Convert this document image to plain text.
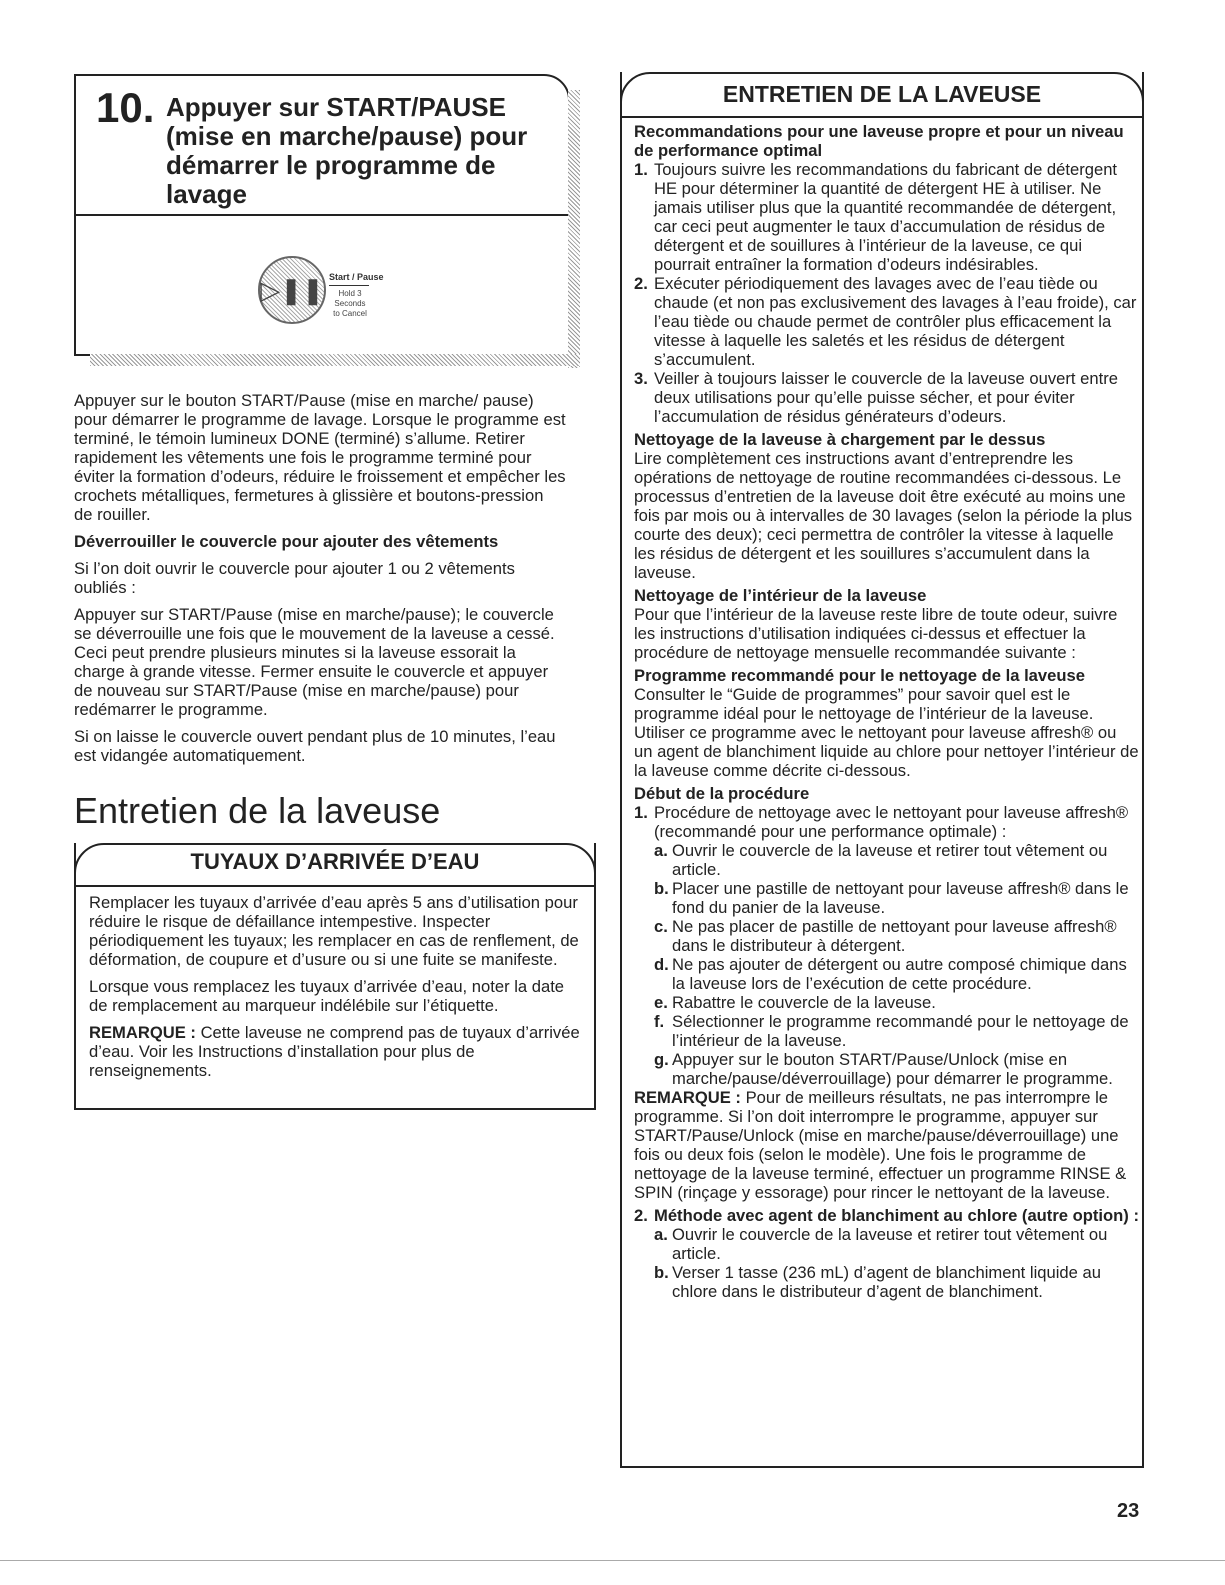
10. Appuyer sur START/PAUSE (mise en marche/pause) pour démarrer le programme de lavage
▷❚❚ Start / Pause
Hold 3 Seconds to Cancel

Appuyer sur le bouton START/Pause (mise en marche/ pause) pour démarrer le programme de lavage. Lorsque le programme est terminé, le témoin lumineux DONE (terminé) s’allume. Retirer rapidement les vêtements une fois le programme terminé pour éviter la formation d’odeurs, réduire le froissement et empêcher les crochets métalliques, fermetures à glissière et boutons-pression de rouiller.

Déverrouiller le couvercle pour ajouter des vêtements

Si l’on doit ouvrir le couvercle pour ajouter 1 ou 2 vêtements oubliés :

Appuyer sur START/Pause (mise en marche/pause); le couvercle se déverrouille une fois que le mouvement de la laveuse a cessé. Ceci peut prendre plusieurs minutes si la laveuse essorait la charge à grande vitesse. Fermer ensuite le couvercle et appuyer de nouveau sur START/Pause (mise en marche/pause) pour redémarrer le programme.

Si on laisse le couvercle ouvert pendant plus de 10 minutes, l’eau est vidangée automatiquement.

Entretien de la laveuse
TUYAUX D’ARRIVÉE D’EAU

Remplacer les tuyaux d’arrivée d’eau après 5 ans d’utilisation pour réduire le risque de défaillance intempestive. Inspecter périodiquement les tuyaux; les remplacer en cas de renflement, de déformation, de coupure et d’usure ou si une fuite se manifeste.

Lorsque vous remplacez les tuyaux d’arrivée d’eau, noter la date de remplacement au marqueur indélébile sur l’étiquette.

REMARQUE : Cette laveuse ne comprend pas de tuyaux d’arrivée d’eau. Voir les Instructions d’installation pour plus de renseignements.

ENTRETIEN DE LA LAVEUSE
Recommandations pour une laveuse propre et pour un niveau de performance optimal
1. Toujours suivre les recommandations du fabricant de détergent HE pour déterminer la quantité de détergent HE à utiliser. Ne jamais utiliser plus que la quantité recommandée de détergent, car ceci peut augmenter le taux d’accumulation de résidus de détergent et de souillures à l’intérieur de la laveuse, ce qui pourrait entraîner la formation d’odeurs indésirables.
2. Exécuter périodiquement des lavages avec de l’eau tiède ou chaude (et non pas exclusivement des lavages à l’eau froide), car l’eau tiède ou chaude permet de contrôler plus efficacement la vitesse à laquelle les saletés et les résidus de détergent s’accumulent.
3. Veiller à toujours laisser le couvercle de la laveuse ouvert entre deux utilisations pour qu’elle puisse sécher, et pour éviter l’accumulation de résidus générateurs d’odeurs.
Nettoyage de la laveuse à chargement par le dessus

Lire complètement ces instructions avant d’entreprendre les opérations de nettoyage de routine recommandées ci-dessous. Le processus d’entretien de la laveuse doit être exécuté au moins une fois par mois ou à intervalles de 30 lavages (selon la période la plus courte des deux); ceci permettra de contrôler la vitesse à laquelle les résidus de détergent et les souillures s’accumulent dans la laveuse.

Nettoyage de l’intérieur de la laveuse

Pour que l’intérieur de la laveuse reste libre de toute odeur, suivre les instructions d’utilisation indiquées ci-dessus et effectuer la procédure de nettoyage mensuelle recommandée suivante :

Programme recommandé pour le nettoyage de la laveuse

Consulter le “Guide de programmes” pour savoir quel est le programme idéal pour le nettoyage de l’intérieur de la laveuse. Utiliser ce programme avec le nettoyant pour laveuse affresh® ou un agent de blanchiment liquide au chlore pour nettoyer l’intérieur de la laveuse comme décrite ci-dessous.

Début de la procédure
1. Procédure de nettoyage avec le nettoyant pour laveuse affresh® (recommandé pour une performance optimale) :
a. Ouvrir le couvercle de la laveuse et retirer tout vêtement ou article.
b. Placer une pastille de nettoyant pour laveuse affresh® dans le fond du panier de la laveuse.
c. Ne pas placer de pastille de nettoyant pour laveuse affresh® dans le distributeur à détergent.
d. Ne pas ajouter de détergent ou autre composé chimique dans la laveuse lors de l’exécution de cette procédure.
e. Rabattre le couvercle de la laveuse.
f. Sélectionner le programme recommandé pour le nettoyage de l’intérieur de la laveuse.
g. Appuyer sur le bouton START/Pause/Unlock (mise en marche/pause/déverrouillage) pour démarrer le programme.

REMARQUE : Pour de meilleurs résultats, ne pas interrompre le programme. Si l’on doit interrompre le programme, appuyer sur START/Pause/Unlock (mise en marche/pause/déverrouillage) une fois ou deux fois (selon le modèle). Une fois le programme de nettoyage de la laveuse terminé, effectuer un programme RINSE & SPIN (rinçage y essorage) pour rincer le nettoyant de la laveuse.

2. Méthode avec agent de blanchiment au chlore (autre option) :
a. Ouvrir le couvercle de la laveuse et retirer tout vêtement ou article.
b. Verser 1 tasse (236 mL) d’agent de blanchiment liquide au chlore dans le distributeur d’agent de blanchiment.
23
